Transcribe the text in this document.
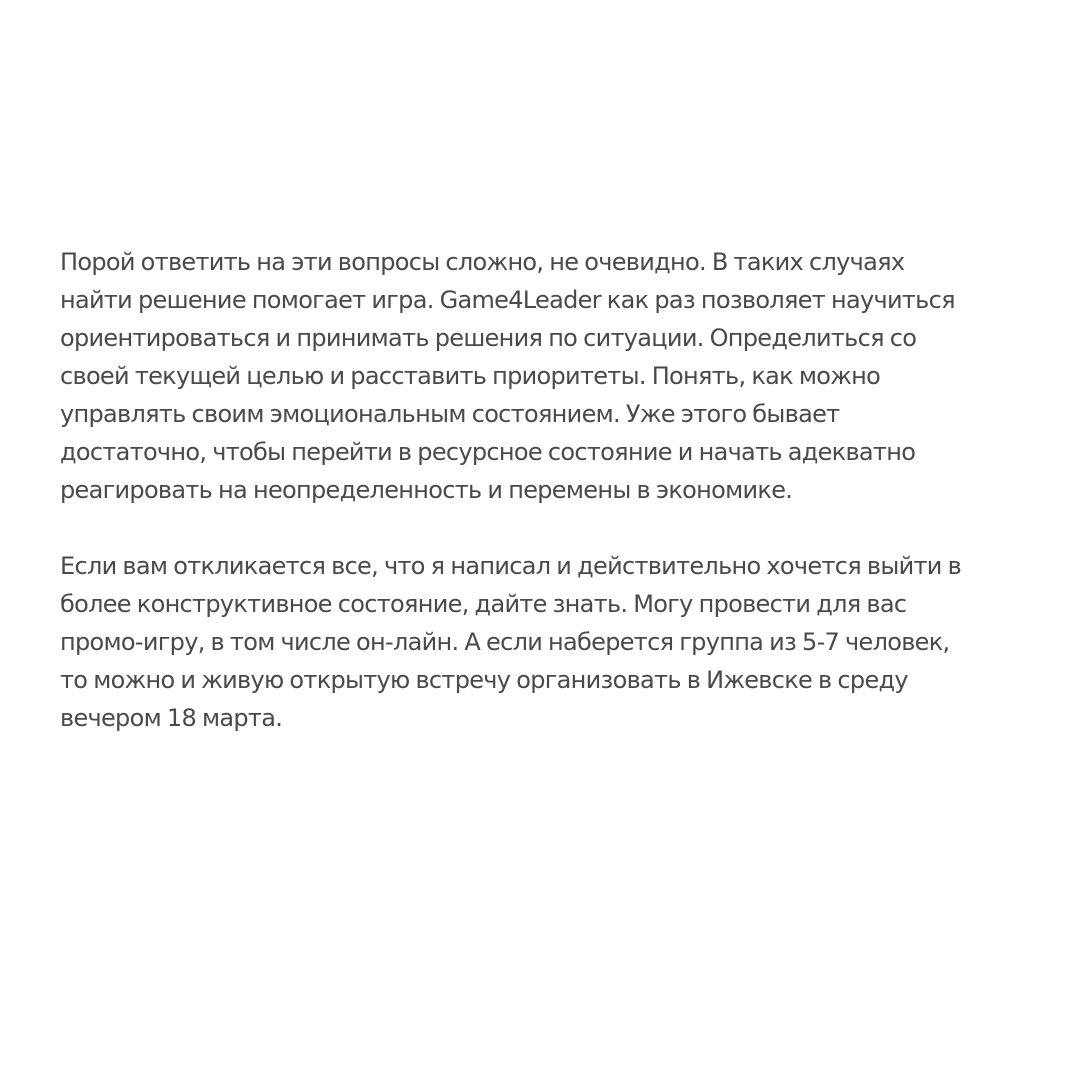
Порой ответить на эти вопросы сложно, не очевидно. В таких случаях
найти решение помогает игра. Game4Leader как раз позволяет научиться
ориентироваться и принимать решения по ситуации. Определиться со
своей текущей целью и расставить приоритеты. Понять, как можно
управлять своим эмоциональным состоянием. Уже этого бывает
достаточно, чтобы перейти в ресурсное состояние и начать адекватно
реагировать на неопределенность и перемены в экономике.

Если вам откликается все, что я написал и действительно хочется выйти в
более конструктивное состояние, дайте знать. Могу провести для вас
промо-игру, в том числе он-лайн. А если наберется группа из 5-7 человек,
то можно и живую открытую встречу организовать в Ижевске в среду
вечером 18 марта.
